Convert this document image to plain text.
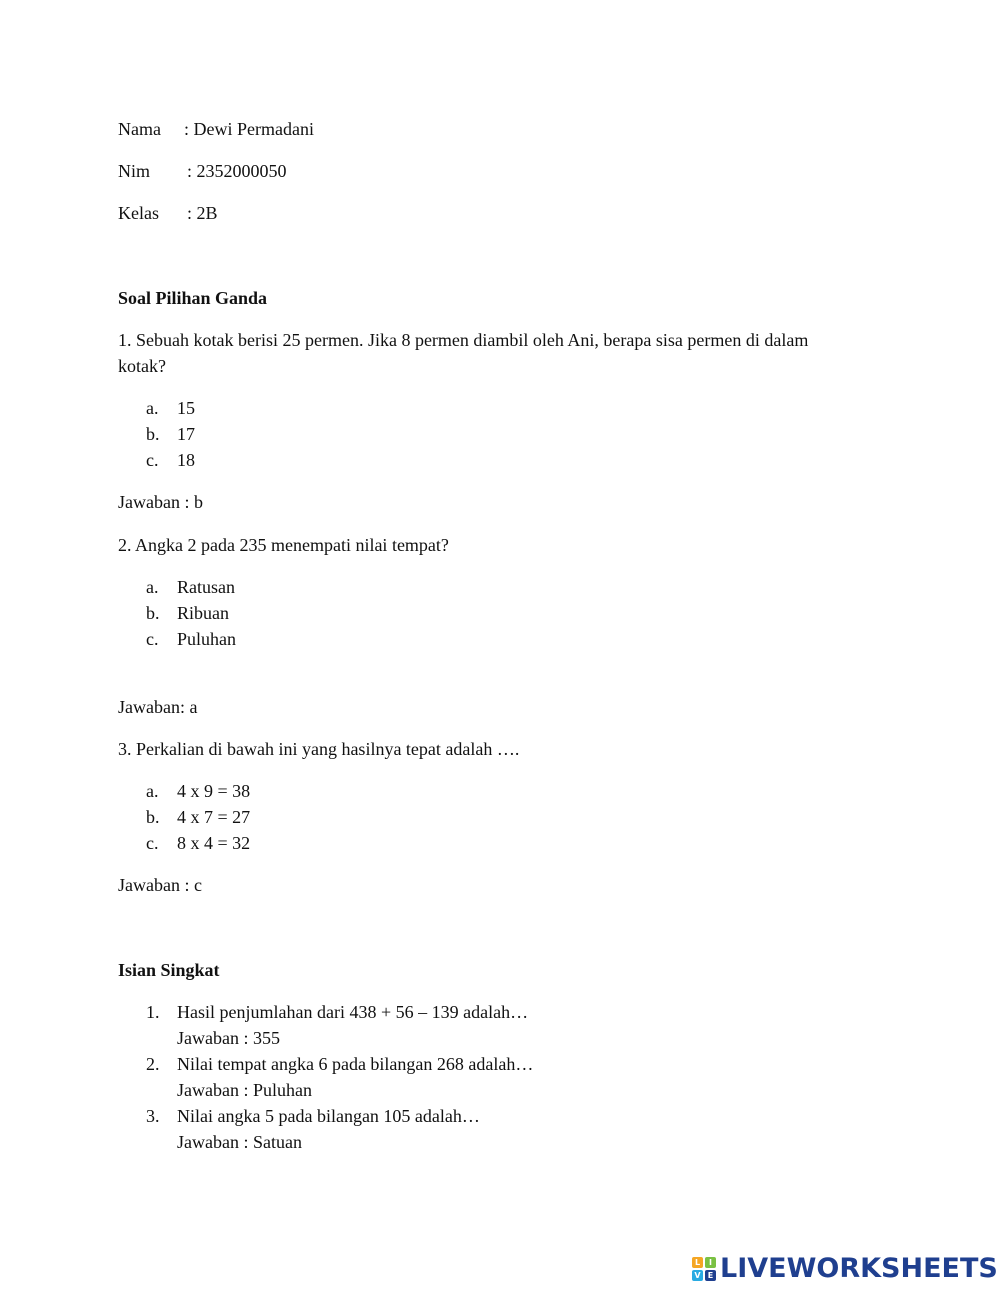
Nama : Dewi Permadani
Nim : 2352000050
Kelas : 2B
Soal Pilihan Ganda
1. Sebuah kotak berisi 25 permen. Jika 8 permen diambil oleh Ani, berapa sisa permen di dalam
kotak?
a. 15
b. 17
c. 18
Jawaban : b
2. Angka 2 pada 235 menempati nilai tempat?
a. Ratusan
b. Ribuan
c. Puluhan
Jawaban: a
3. Perkalian di bawah ini yang hasilnya tepat adalah ….
a. 4 x 9 = 38
b. 4 x 7 = 27
c. 8 x 4 = 32
Jawaban : c
Isian Singkat
1. Hasil penjumlahan dari 438 + 56 – 139 adalah…
Jawaban : 355
2. Nilai tempat angka 6 pada bilangan 268 adalah…
Jawaban : Puluhan
3. Nilai angka 5 pada bilangan 105 adalah…
Jawaban : Satuan
L	I
V E LIVEWORKSHEETS
